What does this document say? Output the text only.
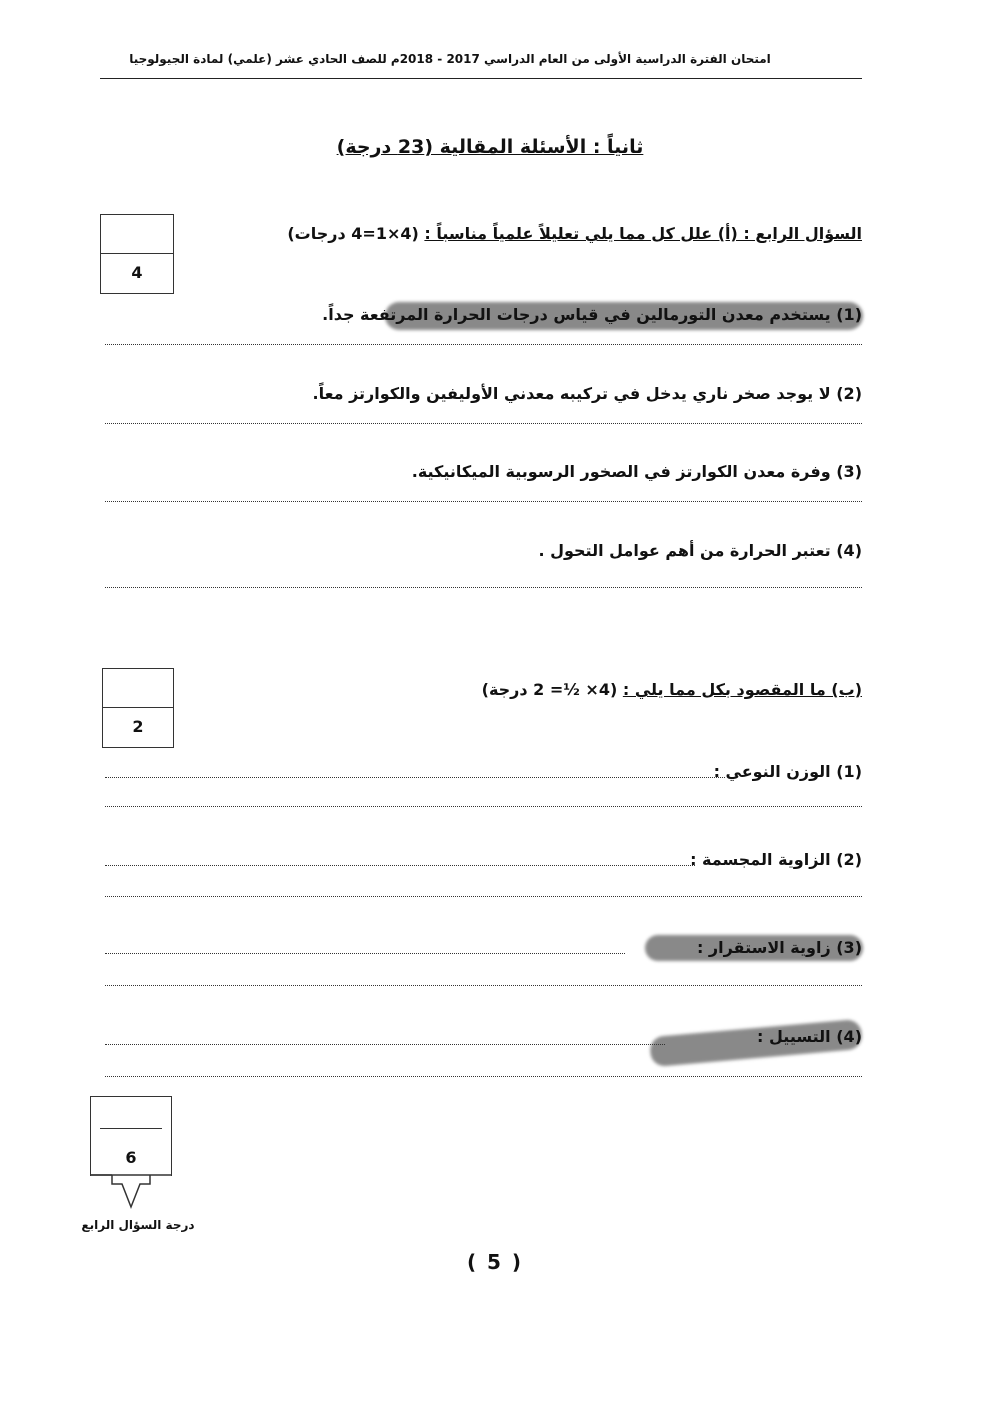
امتحان الفترة الدراسية الأولى من العام الدراسي 2017 - 2018م للصف الحادي عشر (علمي) لمادة الجيولوجيا
ثانياً : الأسئلة المقالية (23 درجة)
4
السؤال الرابع : (أ) علل كل مما يلي تعليلاً علمياً مناسباً : (4×1=4 درجات)
(1) يستخدم معدن التورمالين في قياس درجات الحرارة المرتفعة جداً.
(2) لا يوجد صخر ناري يدخل في تركيبه معدني الأوليفين والكوارتز معاً.
(3) وفرة معدن الكوارتز في الصخور الرسوبية الميكانيكية.
(4) تعتبر الحرارة من أهم عوامل التحول .
2
(ب) ما المقصود بكل مما يلي : (4× ½= 2 درجة)
(1) الوزن النوعي :
(2) الزاوية المجسمة :
(3) زاوية الاستقرار :
(4) التسييل :
6
درجة السؤال الرابع
( 5 )
